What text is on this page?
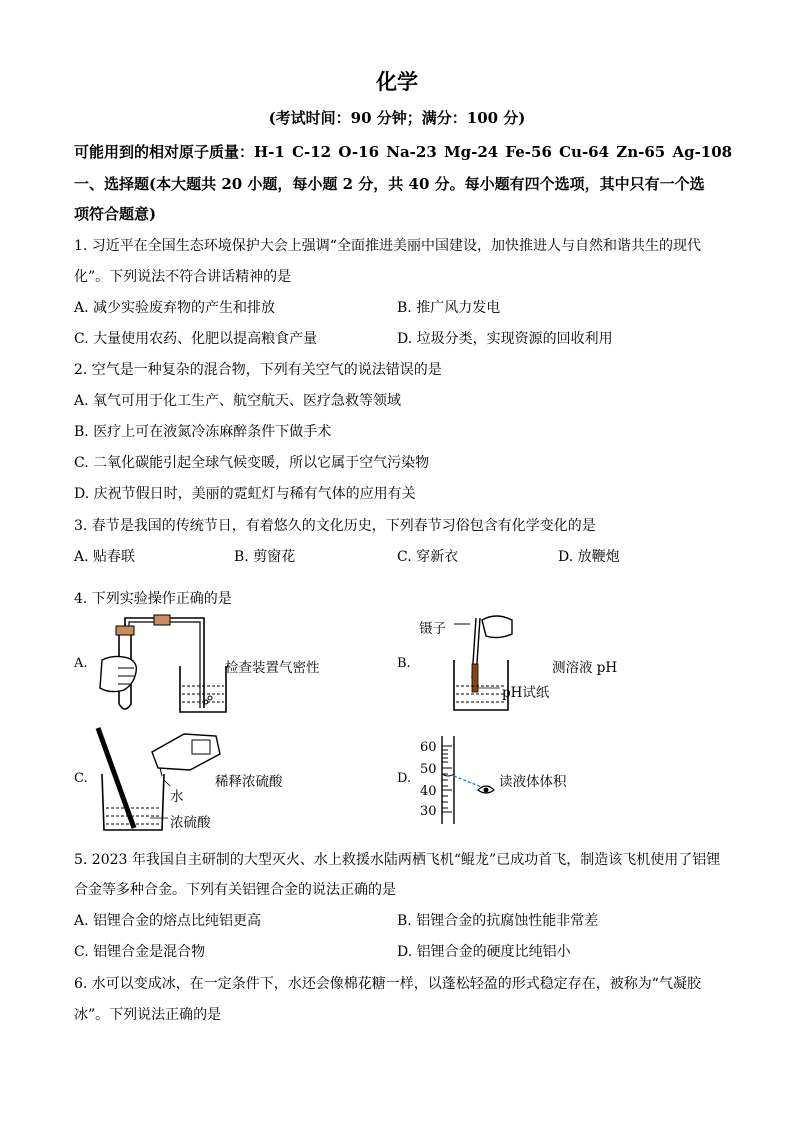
化学
(考试时间：90 分钟；满分：100 分)
可能用到的相对原子质量：H-1 C-12 O-16 Na-23 Mg-24 Fe-56 Cu-64 Zn-65 Ag-108
一、选择题(本大题共 20 小题，每小题 2 分，共 40 分。每小题有四个选项，其中只有一个选
项符合题意)
1. 习近平在全国生态环境保护大会上强调“全面推进美丽中国建设，加快推进人与自然和谐共生的现代
化”。下列说法不符合讲话精神的是
A. 减少实验废弃物的产生和排放	B. 推广风力发电
C. 大量使用农药、化肥以提高粮食产量	D. 垃圾分类，实现资源的回收利用
2. 空气是一种复杂的混合物，下列有关空气的说法错误的是
A. 氧气可用于化工生产、航空航天、医疗急救等领域
B. 医疗上可在液氮冷冻麻醉条件下做手术
C. 二氧化碳能引起全球气候变暖，所以它属于空气污染物
D. 庆祝节假日时，美丽的霓虹灯与稀有气体的应用有关
3. 春节是我国的传统节日，有着悠久的文化历史，下列春节习俗包含有化学变化的是
A. 贴春联	B. 剪窗花	C. 穿新衣	D. 放鞭炮
4. 下列实验操作正确的是
A.	检查装置气密性	B.
镊子
测溶液 pH
pH试纸
C.	稀释浓硫酸
水
浓硫酸
D.
60
50
40
30
读液体体积
5. 2023 年我国自主研制的大型灭火、水上救援水陆两栖飞机“鲲龙”已成功首飞，制造该飞机使用了铝锂
合金等多种合金。下列有关铝锂合金的说法正确的是
A. 铝锂合金的熔点比纯铝更高	B. 铝锂合金的抗腐蚀性能非常差
C. 铝锂合金是混合物	D. 铝锂合金的硬度比纯铝小
6. 水可以变成冰，在一定条件下，水还会像棉花糖一样，以蓬松轻盈的形式稳定存在，被称为“气凝胶
冰”。下列说法正确的是
